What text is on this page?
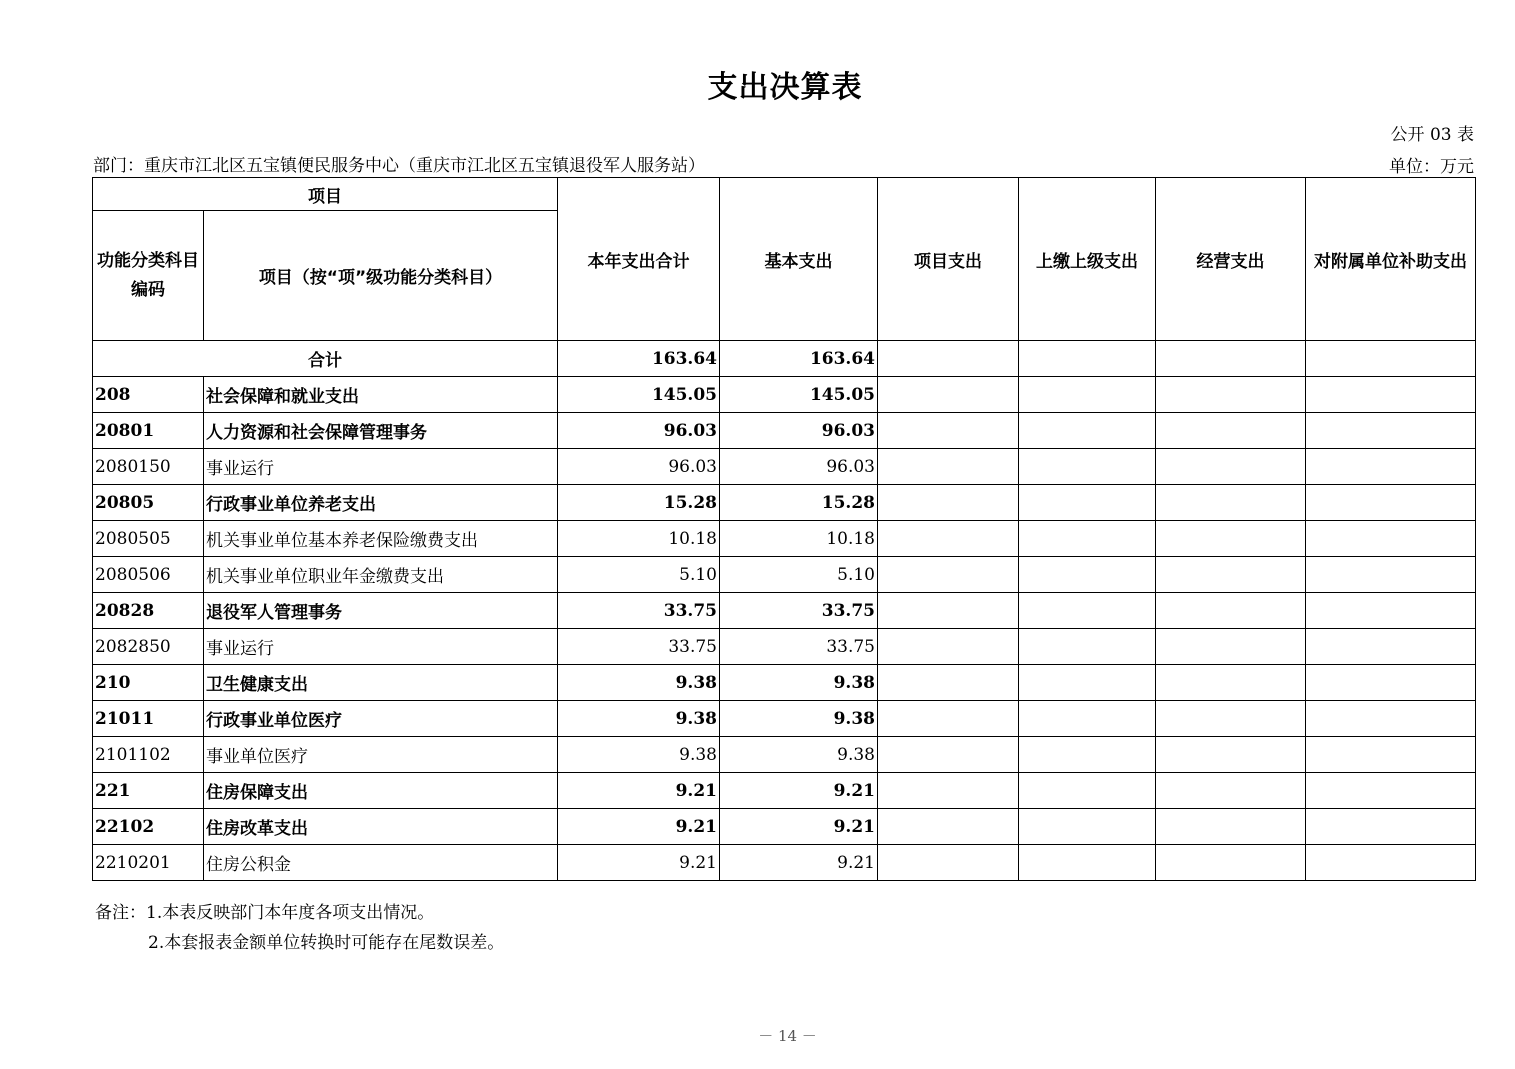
支出决算表
公开 03 表
部门：重庆市江北区五宝镇便民服务中心（重庆市江北区五宝镇退役军人服务站）	单位：万元
项目		本年支出合计	基本支出	项目支出	上缴上级支出	经营支出	对附属单位补助支出
功能分类科目编码	项目（按“项”级功能分类科目）						
合计		163.64	163.64				
208	社会保障和就业支出	145.05	145.05				
20801	人力资源和社会保障管理事务	96.03	96.03				
2080150	事业运行	96.03	96.03				
20805	行政事业单位养老支出	15.28	15.28				
2080505	机关事业单位基本养老保险缴费支出	10.18	10.18				
2080506	机关事业单位职业年金缴费支出	5.10	5.10				
20828	退役军人管理事务	33.75	33.75				
2082850	事业运行	33.75	33.75				
210	卫生健康支出	9.38	9.38				
21011	行政事业单位医疗	9.38	9.38				
2101102	事业单位医疗	9.38	9.38				
221	住房保障支出	9.21	9.21				
22102	住房改革支出	9.21	9.21				
2210201	住房公积金	9.21	9.21				
备注：1.本表反映部门本年度各项支出情况。
2.本套报表金额单位转换时可能存在尾数误差。
－ 14 －
